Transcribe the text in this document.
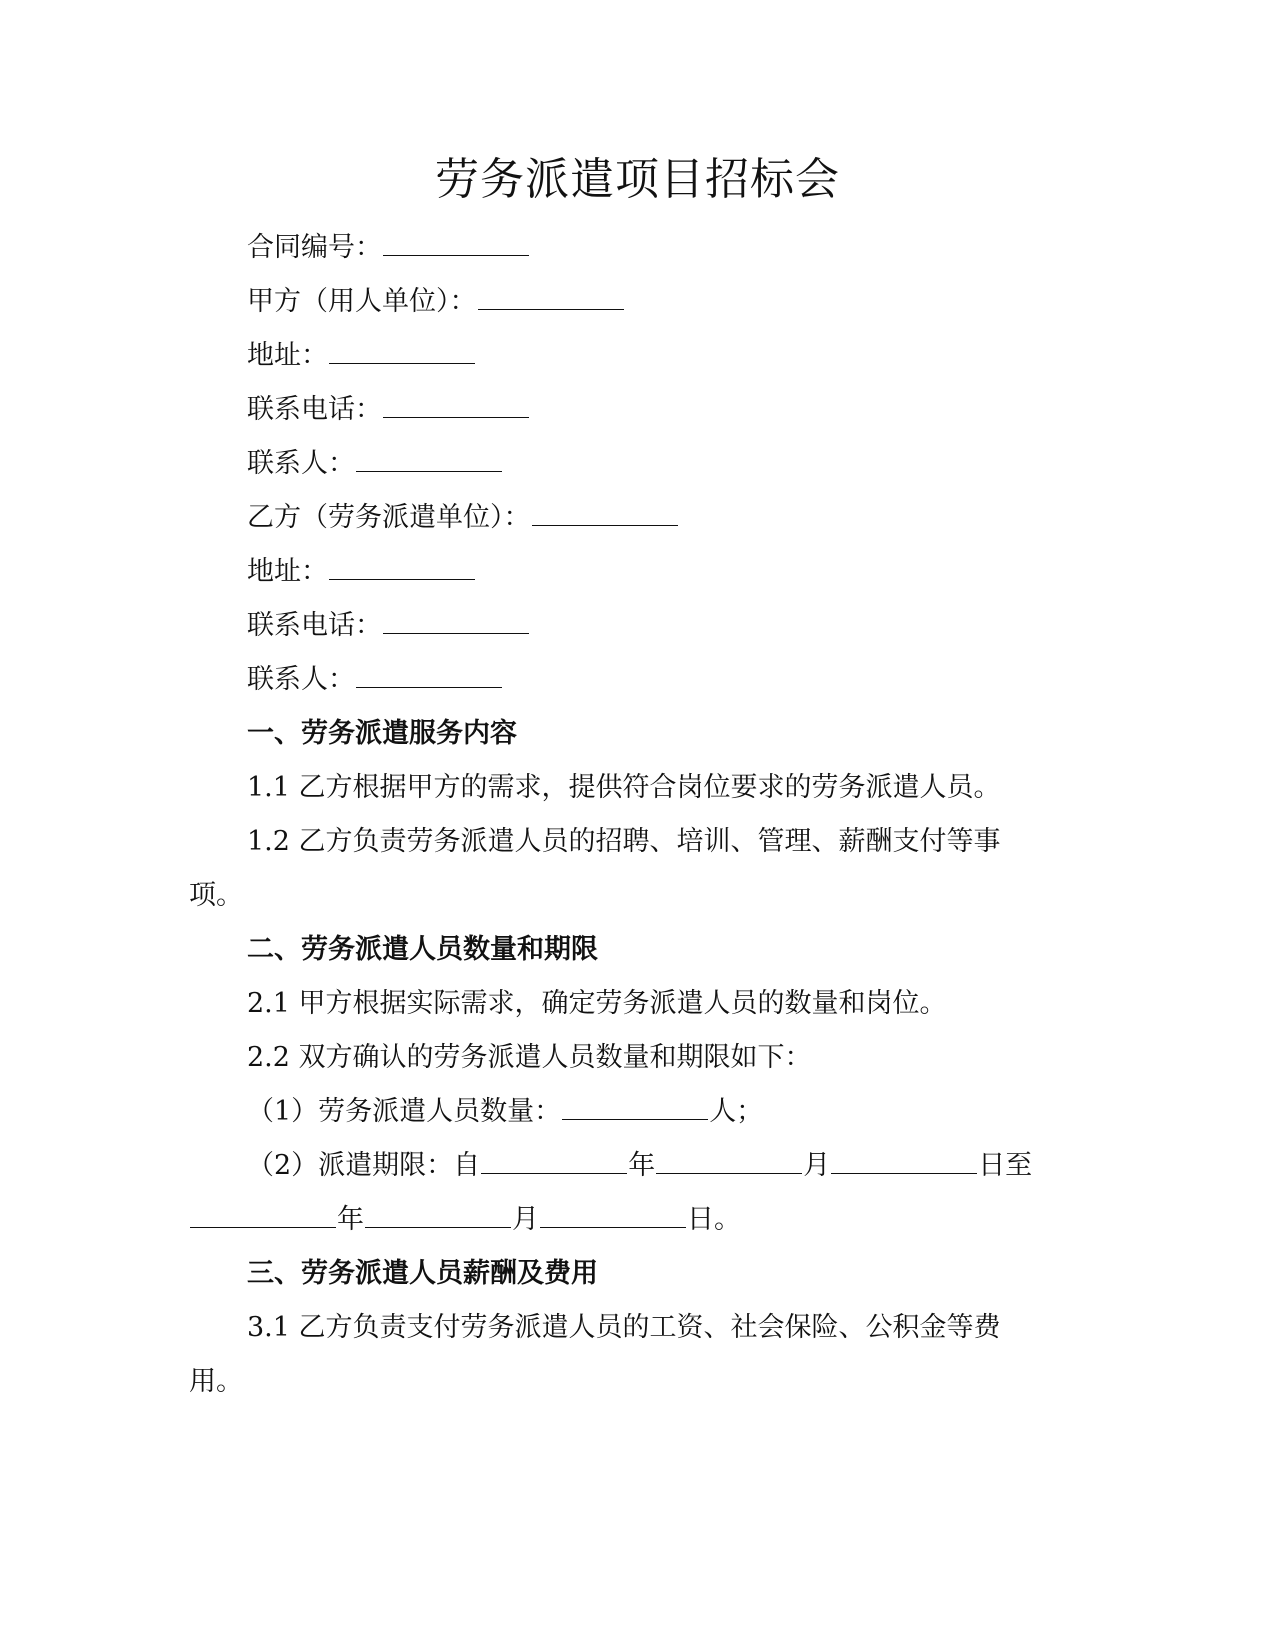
劳务派遣项目招标会
合同编号：
甲方（用人单位）：
地址：
联系电话：
联系人：
乙方（劳务派遣单位）：
地址：
联系电话：
联系人：
一、劳务派遣服务内容
1.1 乙方根据甲方的需求，提供符合岗位要求的劳务派遣人员。
1.2 乙方负责劳务派遣人员的招聘、培训、管理、薪酬支付等事
项。
二、劳务派遣人员数量和期限
2.1 甲方根据实际需求，确定劳务派遣人员的数量和岗位。
2.2 双方确认的劳务派遣人员数量和期限如下：
（1）劳务派遣人员数量：	人；
（2）派遣期限：自	年	月	日至
年	月	日。
三、劳务派遣人员薪酬及费用
3.1 乙方负责支付劳务派遣人员的工资、社会保险、公积金等费
用。
